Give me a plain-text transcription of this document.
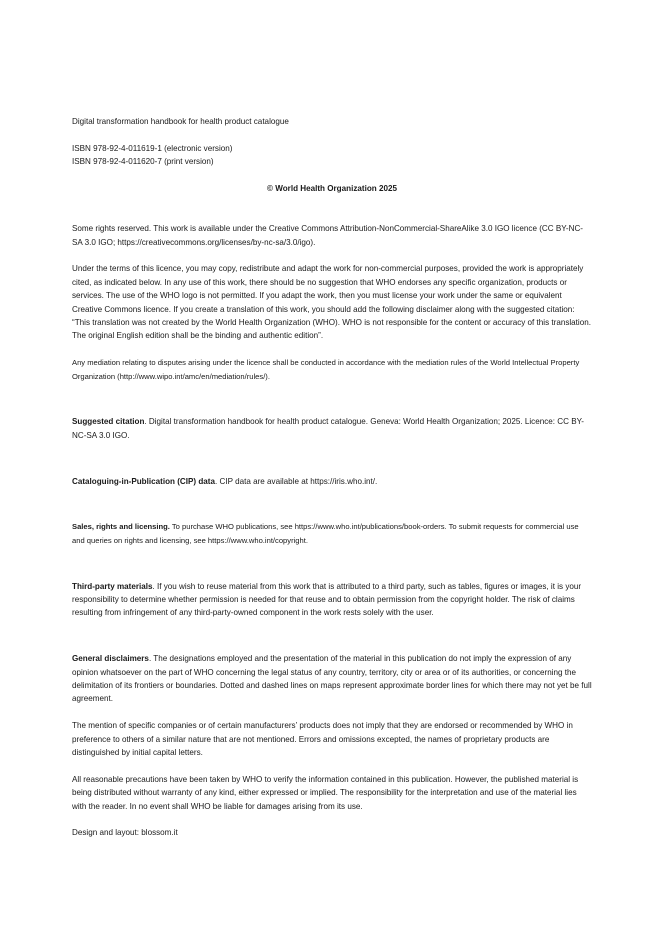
Digital transformation handbook for health product catalogue

ISBN 978-92-4-011619-1 (electronic version)

ISBN 978-92-4-011620-7 (print version)

© World Health Organization 2025

Some rights reserved. This work is available under the Creative Commons Attribution-NonCommercial-ShareAlike 3.0 IGO licence (CC BY-NC-SA 3.0 IGO; https://creativecommons.org/licenses/by-nc-sa/3.0/igo).

Under the terms of this licence, you may copy, redistribute and adapt the work for non-commercial purposes, provided the work is appropriately cited, as indicated below. In any use of this work, there should be no suggestion that WHO endorses any specific organization, products or services. The use of the WHO logo is not permitted. If you adapt the work, then you must license your work under the same or equivalent Creative Commons licence. If you create a translation of this work, you should add the following disclaimer along with the suggested citation: “This translation was not created by the World Health Organization (WHO). WHO is not responsible for the content or accuracy of this translation. The original English edition shall be the binding and authentic edition”.

Any mediation relating to disputes arising under the licence shall be conducted in accordance with the mediation rules of the World Intellectual Property Organization (http://www.wipo.int/amc/en/mediation/rules/).

Suggested citation. Digital transformation handbook for health product catalogue. Geneva: World Health Organization; 2025. Licence: CC BY-NC-SA 3.0 IGO.

Cataloguing-in-Publication (CIP) data. CIP data are available at https://iris.who.int/.

Sales, rights and licensing. To purchase WHO publications, see https://www.who.int/publications/book-orders. To submit requests for commercial use and queries on rights and licensing, see https://www.who.int/copyright.

Third-party materials. If you wish to reuse material from this work that is attributed to a third party, such as tables, figures or images, it is your responsibility to determine whether permission is needed for that reuse and to obtain permission from the copyright holder. The risk of claims resulting from infringement of any third-party-owned component in the work rests solely with the user.

General disclaimers. The designations employed and the presentation of the material in this publication do not imply the expression of any opinion whatsoever on the part of WHO concerning the legal status of any country, territory, city or area or of its authorities, or concerning the delimitation of its frontiers or boundaries. Dotted and dashed lines on maps represent approximate border lines for which there may not yet be full agreement.

The mention of specific companies or of certain manufacturers’ products does not imply that they are endorsed or recommended by WHO in preference to others of a similar nature that are not mentioned. Errors and omissions excepted, the names of proprietary products are distinguished by initial capital letters.

All reasonable precautions have been taken by WHO to verify the information contained in this publication. However, the published material is being distributed without warranty of any kind, either expressed or implied. The responsibility for the interpretation and use of the material lies with the reader. In no event shall WHO be liable for damages arising from its use.

Design and layout: blossom.it
